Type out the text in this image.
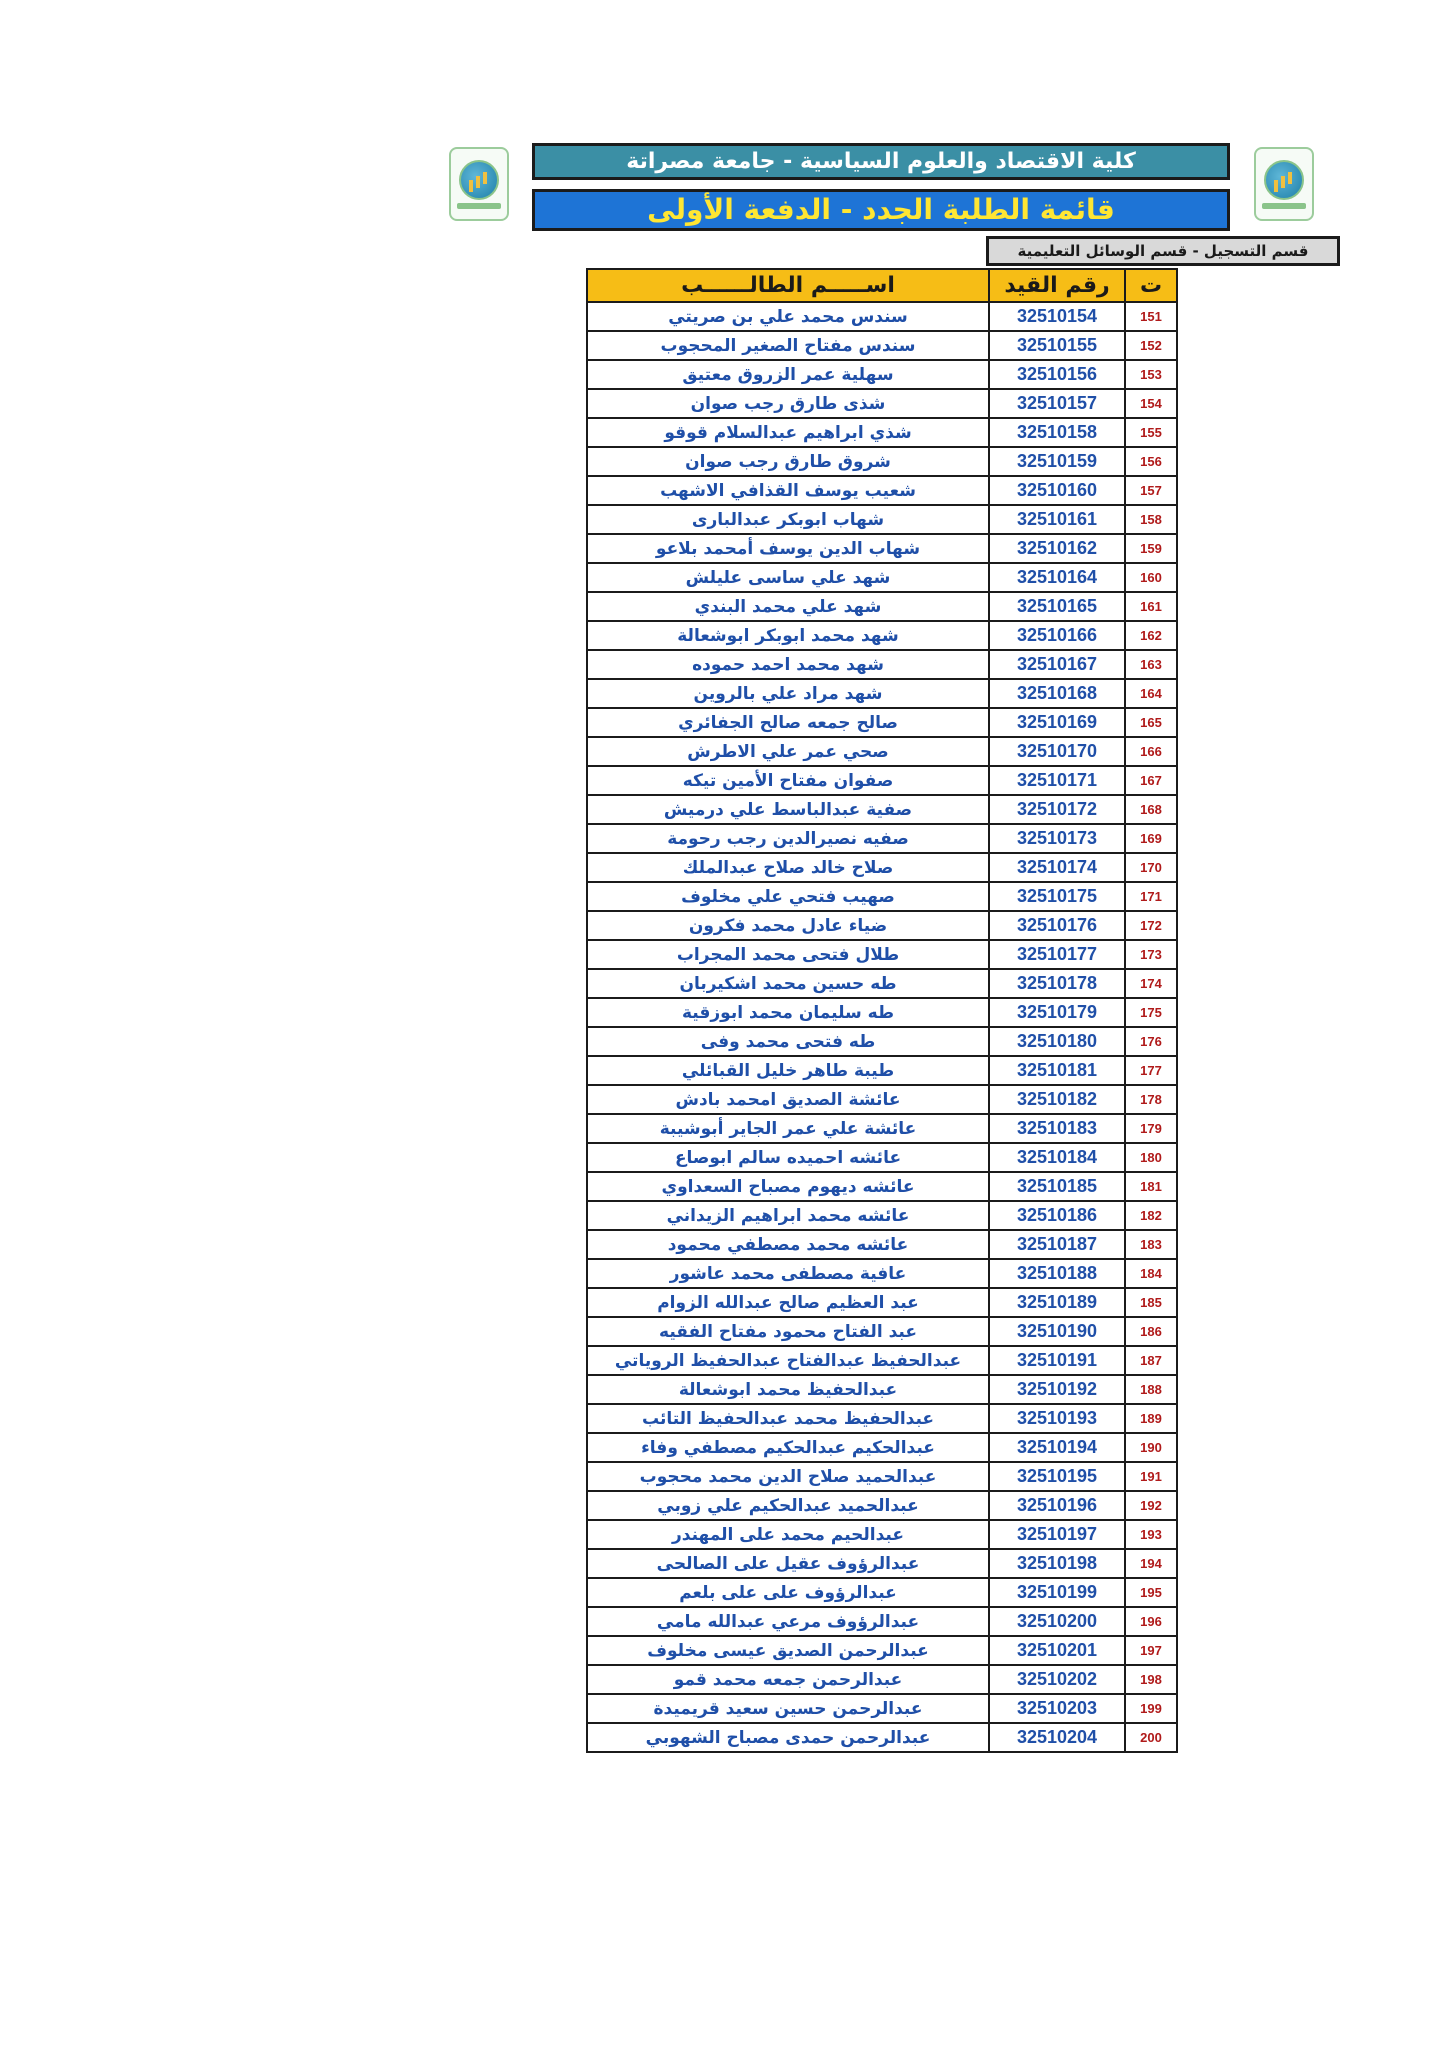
كلية الاقتصاد والعلوم السياسية - جامعة مصراتة
قائمة الطلبة الجدد - الدفعة الأولى
قسم التسجيل - قسم الوسائل التعليمية
اســـــم الطالــــــب	رقم القيد	ت
سندس محمد علي بن صريتي	32510154	151
سندس مفتاح الصغير المحجوب	32510155	152
سهلية عمر الزروق معتيق	32510156	153
شذى طارق رجب صوان	32510157	154
شذي ابراهيم عبدالسلام قوقو	32510158	155
شروق طارق رجب صوان	32510159	156
شعيب يوسف القذافي الاشهب	32510160	157
شهاب ابوبكر عبدالبارى	32510161	158
شهاب الدين يوسف أمحمد بلاعو	32510162	159
شهد علي ساسى عليلش	32510164	160
شهد علي محمد البندي	32510165	161
شهد محمد ابوبكر ابوشعالة	32510166	162
شهد محمد احمد حموده	32510167	163
شهد مراد علي بالروين	32510168	164
صالح جمعه صالح الجفائري	32510169	165
صحي عمر علي الاطرش	32510170	166
صفوان مفتاح الأمين تيكه	32510171	167
صفية عبدالباسط علي درميش	32510172	168
صفيه نصيرالدين رجب رحومة	32510173	169
صلاح خالد صلاح عبدالملك	32510174	170
صهيب فتحي علي مخلوف	32510175	171
ضياء عادل محمد فكرون	32510176	172
طلال فتحى محمد المجراب	32510177	173
طه حسين محمد اشكيربان	32510178	174
طه سليمان محمد ابوزقية	32510179	175
طه فتحى محمد وفى	32510180	176
طيبة طاهر خليل القبائلي	32510181	177
عائشة الصديق امحمد بادش	32510182	178
عائشة علي عمر الجاير أبوشيبة	32510183	179
عائشه احميده سالم ابوصاع	32510184	180
عائشه ديهوم مصباح السعداوي	32510185	181
عائشه محمد ابراهيم الزيداني	32510186	182
عائشه محمد مصطفي محمود	32510187	183
عافية مصطفى محمد عاشور	32510188	184
عبد العظيم صالح عبدالله الزوام	32510189	185
عبد الفتاح محمود مفتاح الفقيه	32510190	186
عبدالحفيظ عبدالفتاح عبدالحفيظ الروياتي	32510191	187
عبدالحفيظ محمد ابوشعالة	32510192	188
عبدالحفيظ محمد عبدالحفيظ التائب	32510193	189
عبدالحكيم عبدالحكيم مصطفي وفاء	32510194	190
عبدالحميد صلاح الدين محمد محجوب	32510195	191
عبدالحميد عبدالحكيم علي زوبي	32510196	192
عبدالحيم محمد على المهندر	32510197	193
عبدالرؤوف عقيل على الصالحى	32510198	194
عبدالرؤوف على على بلعم	32510199	195
عبدالرؤوف مرعي عبدالله مامي	32510200	196
عبدالرحمن الصديق عيسى مخلوف	32510201	197
عبدالرحمن جمعه محمد قمو	32510202	198
عبدالرحمن حسين سعيد قريميدة	32510203	199
عبدالرحمن حمدى مصباح الشهوبي	32510204	200
